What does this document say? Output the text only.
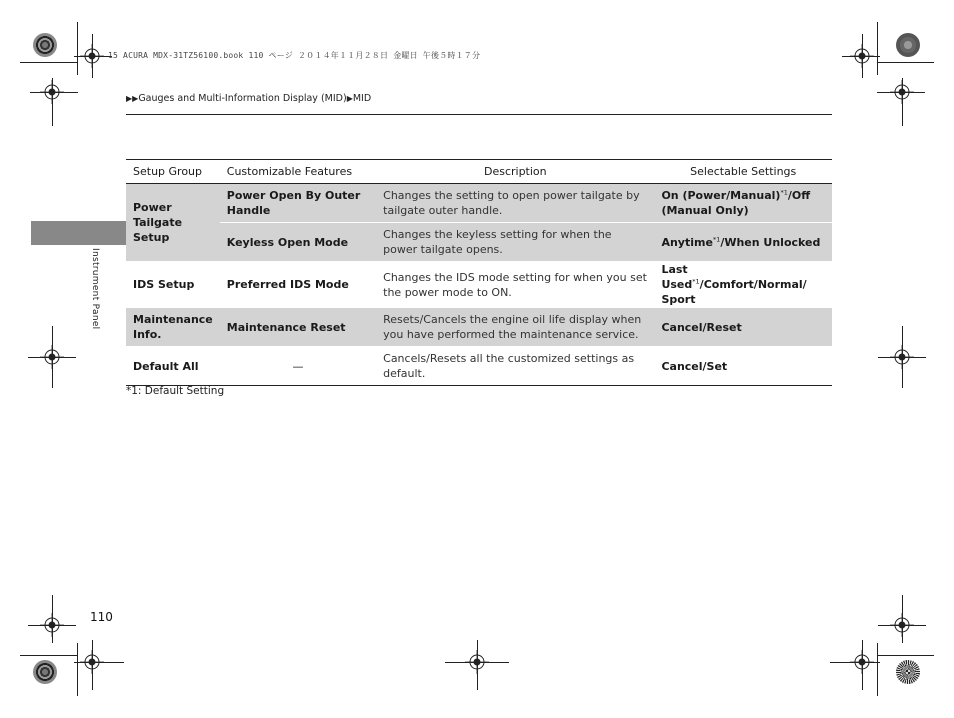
15 ACURA MDX-31TZ56100.book 110 ページ ２０１４年１１月２８日 金曜日 午後５時１７分
▶▶Gauges and Multi-Information Display (MID)▶MID
Instrument Panel
Setup Group	Customizable Features	Description	Selectable Settings
Power Tailgate Setup	Power Open By Outer Handle	Changes the setting to open power tailgate by tailgate outer handle.	On (Power/Manual)$^{*1}$/Off (Manual Only)
	Keyless Open Mode	Changes the keyless setting for when the power tailgate opens.	Anytime$^{*1}$/When Unlocked
IDS Setup	Preferred IDS Mode	Changes the IDS mode setting for when you set the power mode to ON.	Last Used$^{*1}$/Comfort/Normal/ Sport
Maintenance Info.	Maintenance Reset	Resets/Cancels the engine oil life display when you have performed the maintenance service.	Cancel/Reset
Default All	—	Cancels/Resets all the customized settings as default.	Cancel/Set
*1: Default Setting
110
